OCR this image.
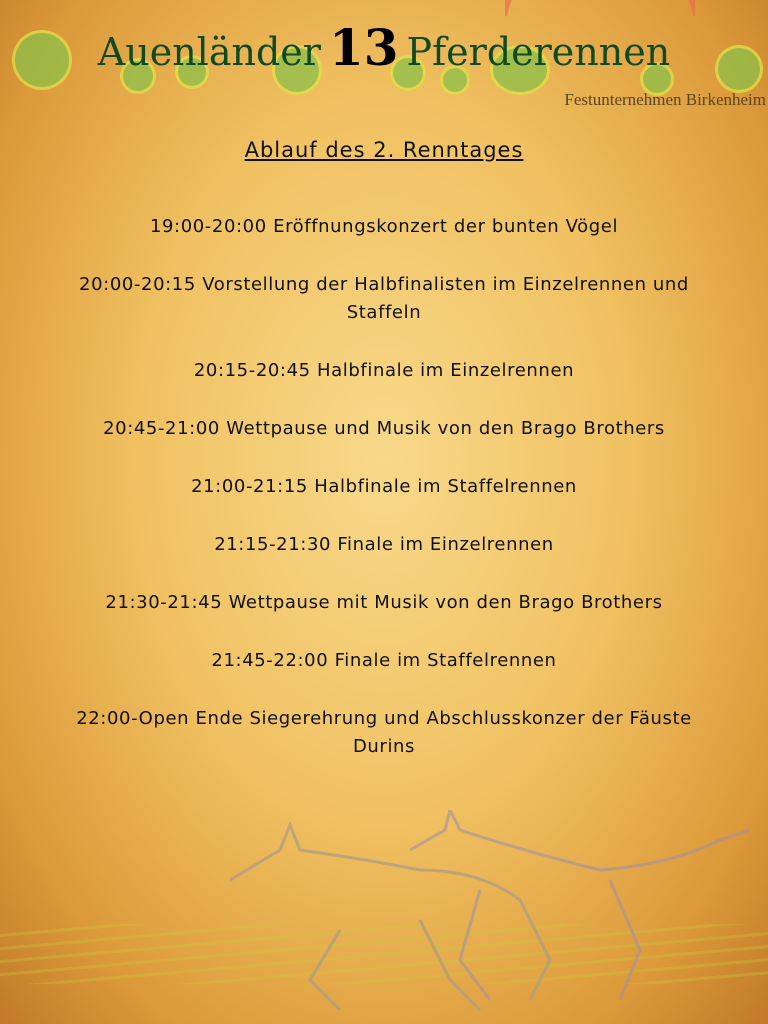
Auenländer 13 Pferderennen
Festunternehmen Birkenheim
Ablauf des 2. Renntages
19:00-20:00 Eröffnungskonzert der bunten Vögel
20:00-20:15 Vorstellung der Halbfinalisten im Einzelrennen und Staffeln
20:15-20:45 Halbfinale im Einzelrennen
20:45-21:00 Wettpause und Musik von den Brago Brothers
21:00-21:15 Halbfinale im Staffelrennen
21:15-21:30 Finale im Einzelrennen
21:30-21:45 Wettpause mit Musik von den Brago Brothers
21:45-22:00 Finale im Staffelrennen
22:00-Open Ende Siegerehrung und Abschlusskonzer der Fäuste Durins
